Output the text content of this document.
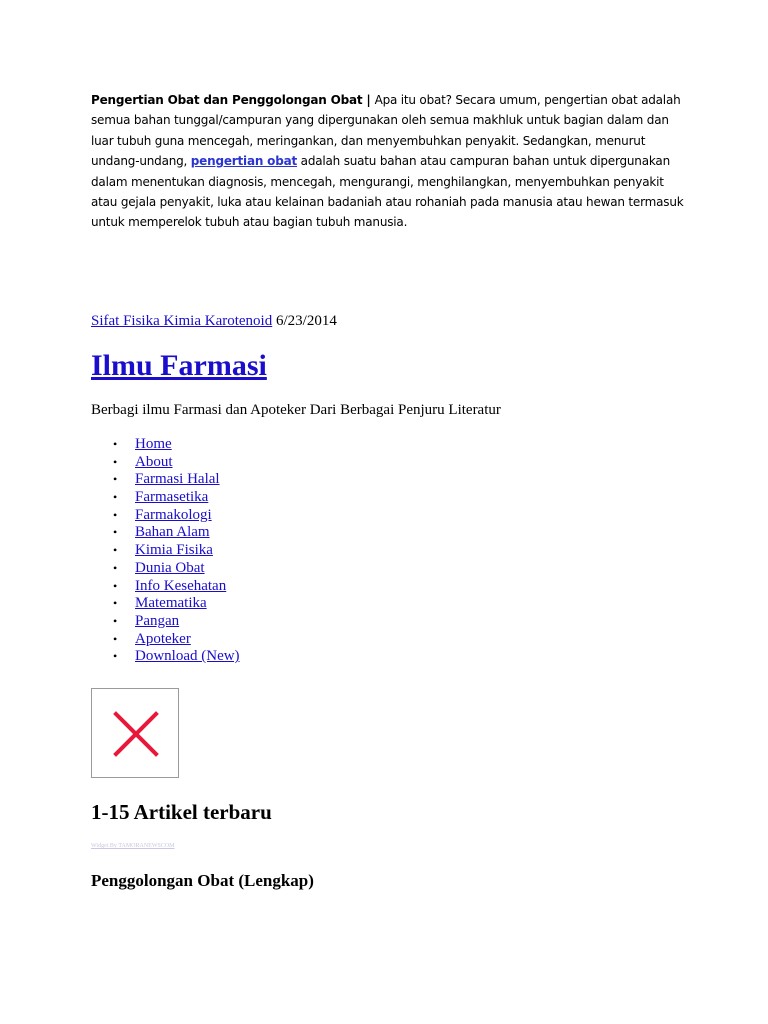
Pengertian Obat dan Penggolongan Obat | Apa itu obat? Secara umum, pengertian obat adalah semua bahan tunggal/campuran yang dipergunakan oleh semua makhluk untuk bagian dalam dan luar tubuh guna mencegah, meringankan, dan menyembuhkan penyakit. Sedangkan, menurut undang-undang, pengertian obat adalah suatu bahan atau campuran bahan untuk dipergunakan dalam menentukan diagnosis, mencegah, mengurangi, menghilangkan, menyembuhkan penyakit atau gejala penyakit, luka atau kelainan badaniah atau rohaniah pada manusia atau hewan termasuk untuk memperelok tubuh atau bagian tubuh manusia.
Sifat Fisika Kimia Karotenoid 6/23/2014
Ilmu Farmasi

Berbagi ilmu Farmasi dan Apoteker Dari Berbagai Penjuru Literatur

• Home
• About
• Farmasi Halal
• Farmasetika
• Farmakologi
• Bahan Alam
• Kimia Fisika
• Dunia Obat
• Info Kesehatan
• Matematika
• Pangan
• Apoteker
• Download (New)
1-15 Artikel terbaru
Widget By TAMORANEWSCOM
Penggolongan Obat (Lengkap)
